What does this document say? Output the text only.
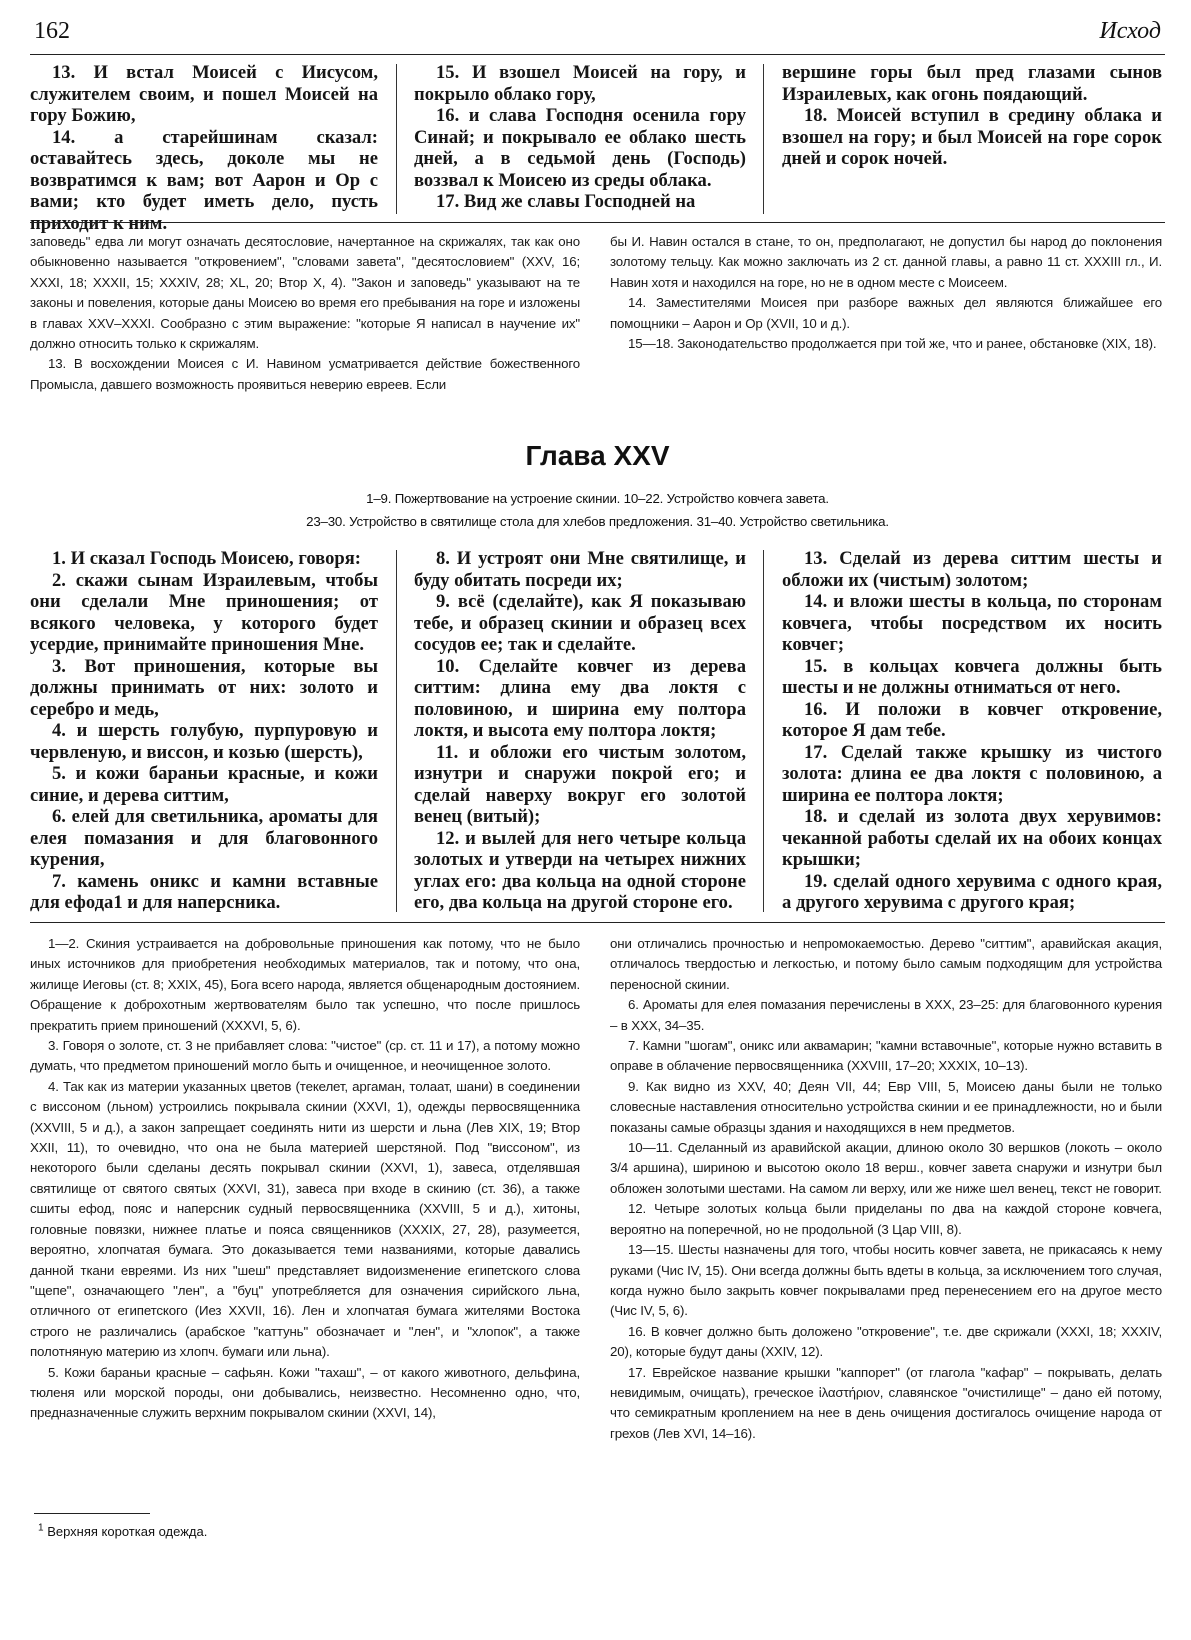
162	Исход

13. И встал Моисей с Иисусом, служителем своим, и пошел Моисей на гору Божию,

14. а старейшинам сказал: оставайтесь здесь, доколе мы не возвратимся к вам; вот Аарон и Ор с вами; кто будет иметь дело, пусть приходит к ним.

15. И взошел Моисей на гору, и покрыло облако гору,

16. и слава Господня осенила гору Синай; и покрывало ее облако шесть дней, а в седьмой день (Господь) воззвал к Моисею из среды облака.

17. Вид же славы Господней на

вершине горы был пред глазами сынов Израилевых, как огонь поядающий.

18. Моисей вступил в средину облака и взошел на гору; и был Моисей на горе сорок дней и сорок ночей.

заповедь" едва ли могут означать десятословие, начертанное на скрижалях, так как оно обыкновенно называется "откровением", "словами завета", "десятословием" (XXV, 16; XXXI, 18; XXXII, 15; XXXIV, 28; XL, 20; Втор X, 4). "Закон и заповедь" указывают на те законы и повеления, которые даны Моисею во время его пребывания на горе и изложены в главах XXV–XXXI. Сообразно с этим выражение: "которые Я написал в научение их" должно относить только к скрижалям.

13. В восхождении Моисея с И. Навином усматривается действие божественного Промысла, давшего возможность проявиться неверию евреев. Если

бы И. Навин остался в стане, то он, предполагают, не допустил бы народ до поклонения золотому тельцу. Как можно заключать из 2 ст. данной главы, а равно 11 ст. XXXIII гл., И. Навин хотя и находился на горе, но не в одном месте с Моисеем.

14. Заместителями Моисея при разборе важных дел являются ближайшее его помощники – Аарон и Ор (XVII, 10 и д.).

15—18. Законодательство продолжается при той же, что и ранее, обстановке (XIX, 18).

Глава XXV
1–9. Пожертвование на устроение скинии. 10–22. Устройство ковчега завета.
23–30. Устройство в святилище стола для хлебов предложения. 31–40. Устройство светильника.

1. И сказал Господь Моисею, говоря:

2. скажи сынам Израилевым, чтобы они сделали Мне приношения; от всякого человека, у которого будет усердие, принимайте приношения Мне.

3. Вот приношения, которые вы должны принимать от них: золото и серебро и медь,

4. и шерсть голубую, пурпуровую и червленую, и виссон, и козью (шерсть),

5. и кожи бараньи красные, и кожи синие, и дерева ситтим,

6. елей для светильника, ароматы для елея помазания и для благовонного курения,

7. камень оникс и камни вставные для ефода1 и для наперсника.

8. И устроят они Мне святилище, и буду обитать посреди их;

9. всё (сделайте), как Я показываю тебе, и образец скинии и образец всех сосудов ее; так и сделайте.

10. Сделайте ковчег из дерева ситтим: длина ему два локтя с половиною, и ширина ему полтора локтя, и высота ему полтора локтя;

11. и обложи его чистым золотом, изнутри и снаружи покрой его; и сделай наверху вокруг его золотой венец (витый);

12. и вылей для него четыре кольца золотых и утверди на четырех нижних углах его: два кольца на одной стороне его, два кольца на другой стороне его.

13. Сделай из дерева ситтим шесты и обложи их (чистым) золотом;

14. и вложи шесты в кольца, по сторонам ковчега, чтобы посредством их носить ковчег;

15. в кольцах ковчега должны быть шесты и не должны отниматься от него.

16. И положи в ковчег откровение, которое Я дам тебе.

17. Сделай также крышку из чистого золота: длина ее два локтя с половиною, а ширина ее полтора локтя;

18. и сделай из золота двух херувимов: чеканной работы сделай их на обоих концах крышки;

19. сделай одного херувима с одного края, а другого херувима с другого края;

1—2. Скиния устраивается на добровольные приношения как потому, что не было иных источников для приобретения необходимых материалов, так и потому, что она, жилище Иеговы (ст. 8; XXIX, 45), Бога всего народа, является общенародным достоянием. Обращение к доброхотным жертвователям было так успешно, что после пришлось прекратить прием приношений (XXXVI, 5, 6).

3. Говоря о золоте, ст. 3 не прибавляет слова: "чистое" (ср. ст. 11 и 17), а потому можно думать, что предметом приношений могло быть и очищенное, и неочищенное золото.

4. Так как из материи указанных цветов (текелет, аргаман, толаат, шани) в соединении с виссоном (льном) устроились покрывала скинии (XXVI, 1), одежды первосвященника (XXVIII, 5 и д.), а закон запрещает соединять нити из шерсти и льна (Лев XIX, 19; Втор XXII, 11), то очевидно, что она не была материей шерстяной. Под "виссоном", из некоторого были сделаны десять покрывал скинии (XXVI, 1), завеса, отделявшая святилище от святого святых (XXVI, 31), завеса при входе в скинию (ст. 36), а также сшиты ефод, пояс и наперсник судный первосвященника (XXVIII, 5 и д.), хитоны, головные повязки, нижнее платье и пояса священников (XXXIX, 27, 28), разумеется, вероятно, хлопчатая бумага. Это доказывается теми названиями, которые давались данной ткани евреями. Из них "шеш" представляет видоизменение египетского слова "щепе", означающего "лен", а "буц" употребляется для означения сирийского льна, отличного от египетского (Иез XXVII, 16). Лен и хлопчатая бумага жителями Востока строго не различались (арабское "каттунь" обозначает и "лен", и "хлопок", а также полотняную материю из хлопч. бумаги или льна).

5. Кожи бараньи красные – сафьян. Кожи "тахаш", – от какого животного, дельфина, тюленя или морской породы, они добывались, неизвестно. Несомненно одно, что, предназначенные служить верхним покрывалом скинии (XXVI, 14),

они отличались прочностью и непромокаемостью. Дерево "ситтим", аравийская акация, отличалось твердостью и легкостью, и потому было самым подходящим для устройства переносной скинии.

6. Ароматы для елея помазания перечислены в XXX, 23–25: для благовонного курения – в XXX, 34–35.

7. Камни "шогам", оникс или аквамарин; "камни вставочные", которые нужно вставить в оправе в облачение первосвященника (XXVIII, 17–20; XXXIX, 10–13).

9. Как видно из XXV, 40; Деян VII, 44; Евр VIII, 5, Моисею даны были не только словесные наставления относительно устройства скинии и ее принадлежности, но и были показаны самые образцы здания и находящихся в нем предметов.

10—11. Сделанный из аравийской акации, длиною около 30 вершков (локоть – около 3/4 аршина), шириною и высотою около 18 верш., ковчег завета снаружи и изнутри был обложен золотыми шестами. На самом ли верху, или же ниже шел венец, текст не говорит.

12. Четыре золотых кольца были приделаны по два на каждой стороне ковчега, вероятно на поперечной, но не продольной (3 Цар VIII, 8).

13—15. Шесты назначены для того, чтобы носить ковчег завета, не прикасаясь к нему руками (Чис IV, 15). Они всегда должны быть вдеты в кольца, за исключением того случая, когда нужно было закрыть ковчег покрывалами пред перенесением его на другое место (Чис IV, 5, 6).

16. В ковчег должно быть доложено "откровение", т.е. две скрижали (XXXI, 18; XXXIV, 20), которые будут даны (XXIV, 12).

17. Еврейское название крышки "каппорет" (от глагола "кафар" – покрывать, делать невидимым, очищать), греческое ἱλαστήριον, славянское "очистилище" – дано ей потому, что семикратным кроплением на нее в день очищения достигалось очищение народа от грехов (Лев XVI, 14–16).

$^1$ Верхняя короткая одежда.
